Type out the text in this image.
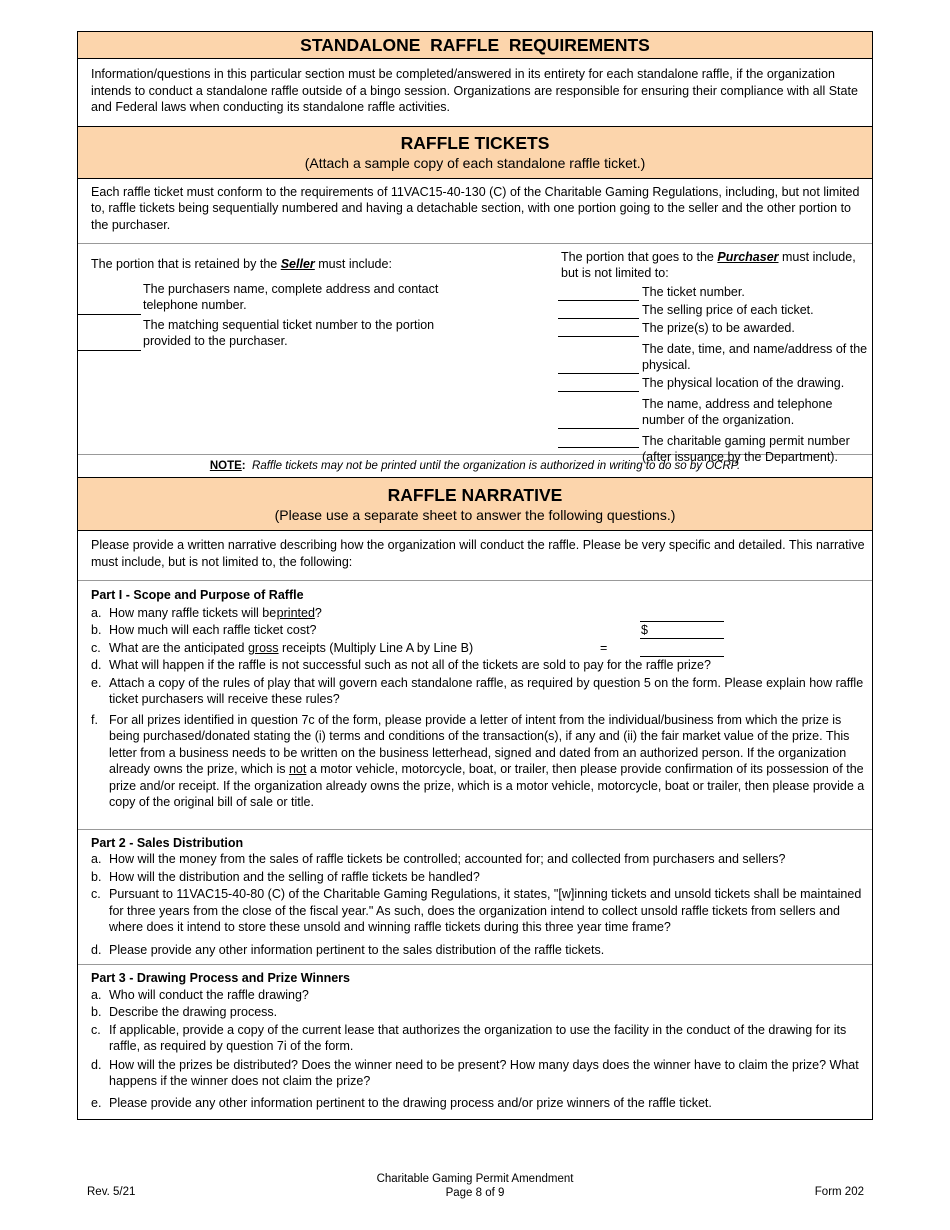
STANDALONE  RAFFLE  REQUIREMENTS
Information/questions in this particular section must be completed/answered in its entirety for each standalone raffle, if the organization intends to conduct a standalone raffle outside of a bingo session. Organizations are responsible for ensuring their compliance with all State and Federal laws when conducting its standalone raffle activities.
RAFFLE TICKETS
(Attach a sample copy of each standalone raffle ticket.)
Each raffle ticket must conform to the requirements of 11VAC15-40-130 (C) of the Charitable Gaming Regulations, including, but not limited to, raffle tickets being sequentially numbered and having a detachable section, with one portion going to the seller and the other portion to the purchaser.
The portion that is retained by the Seller must include:
The purchasers name, complete address and contact telephone number.
The matching sequential ticket number to the portion provided to the purchaser.
The portion that goes to the Purchaser must include, but is not limited to:
The ticket number.
The selling price of each ticket.
The prize(s) to be awarded.
The date, time, and name/address of the physical.
The physical location of the drawing.
The name, address and telephone number of the organization.
The charitable gaming permit number (after issuance by the Department).
NOTE: Raffle tickets may not be printed until the organization is authorized in writing to do so by OCRP.
RAFFLE NARRATIVE
(Please use a separate sheet to answer the following questions.)
Please provide a written narrative describing how the organization will conduct the raffle. Please be very specific and detailed. This narrative must include, but is not limited to, the following:
Part I - Scope and Purpose of Raffle
a. How many raffle tickets will be printed?
b. How much will each raffle ticket cost?	$
c. What are the anticipated gross receipts (Multiply Line A by Line B)	=
d. What will happen if the raffle is not successful such as not all of the tickets are sold to pay for the raffle prize?
e. Attach a copy of the rules of play that will govern each standalone raffle, as required by question 5 on the form. Please explain how raffle ticket purchasers will receive these rules?
f. For all prizes identified in question 7c of the form, please provide a letter of intent from the individual/business from which the prize is being purchased/donated stating the (i) terms and conditions of the transaction(s), if any and (ii) the fair market value of the prize. This letter from a business needs to be written on the business letterhead, signed and dated from an authorized person. If the organization already owns the prize, which is not a motor vehicle, motorcycle, boat, or trailer, then please provide confirmation of its possession of the prize and/or receipt. If the organization already owns the prize, which is a motor vehicle, motorcycle, boat or trailer, then please provide a copy of the original bill of sale or title.
Part 2 - Sales Distribution
a. How will the money from the sales of raffle tickets be controlled; accounted for; and collected from purchasers and sellers?
b. How will the distribution and the selling of raffle tickets be handled?
c. Pursuant to 11VAC15-40-80 (C) of the Charitable Gaming Regulations, it states, "[w]inning tickets and unsold tickets shall be maintained for three years from the close of the fiscal year." As such, does the organization intend to collect unsold raffle tickets from sellers and where does it intend to store these unsold and winning raffle tickets during this three year time frame?
d. Please provide any other information pertinent to the sales distribution of the raffle tickets.
Part 3 - Drawing Process and Prize Winners
a. Who will conduct the raffle drawing?
b. Describe the drawing process.
c. If applicable, provide a copy of the current lease that authorizes the organization to use the facility in the conduct of the drawing for its raffle, as required by question 7i of the form.
d. How will the prizes be distributed? Does the winner need to be present? How many days does the winner have to claim the prize? What happens if the winner does not claim the prize?
e. Please provide any other information pertinent to the drawing process and/or prize winners of the raffle ticket.
Rev. 5/21
Charitable Gaming Permit Amendment
Page 8 of 9	Form 202
